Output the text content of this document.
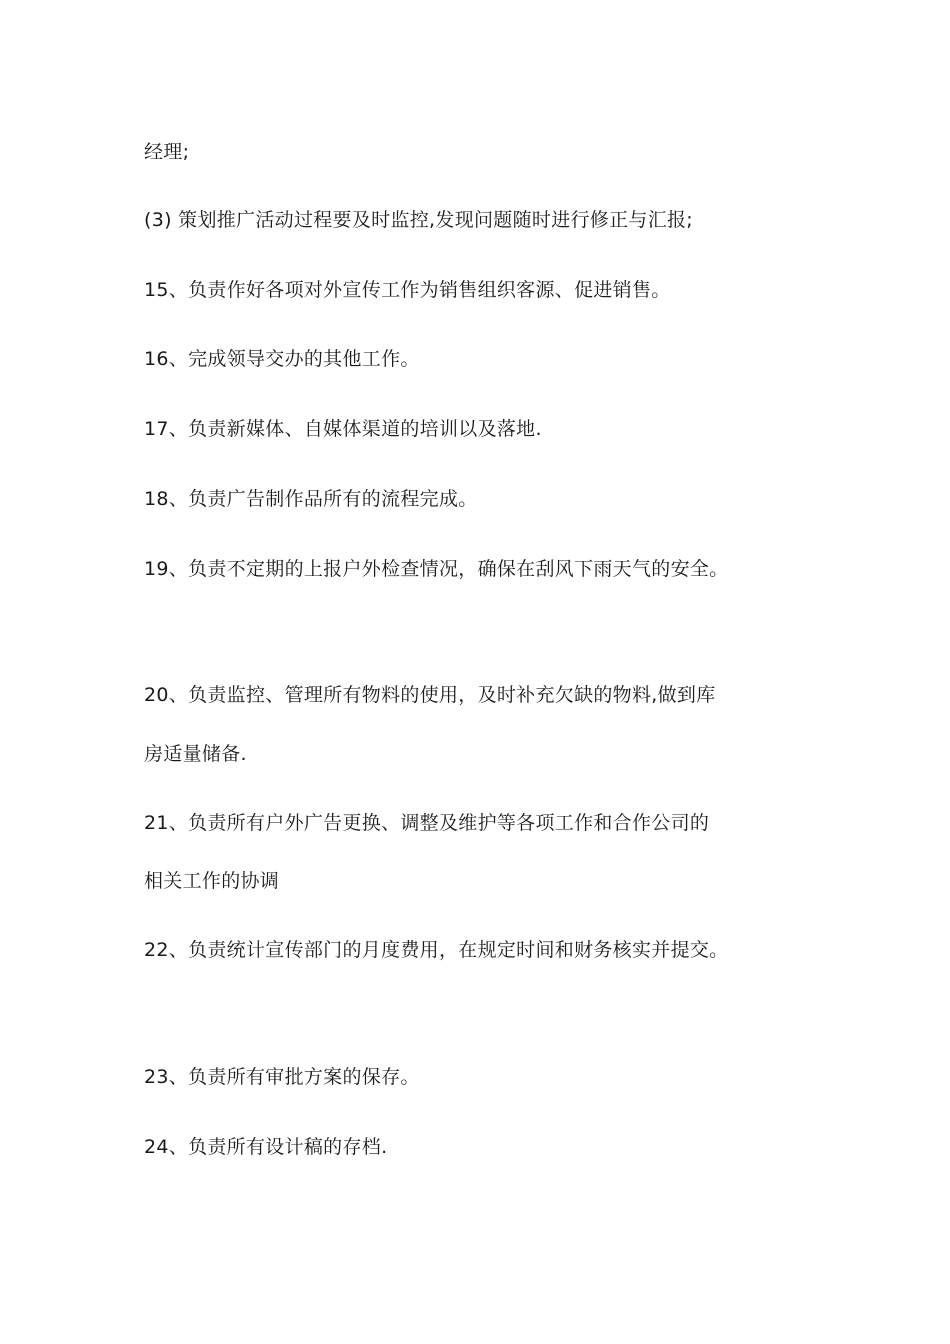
经理;
(3) 策划推广活动过程要及时监控,发现问题随时进行修正与汇报;
15、负责作好各项对外宣传工作为销售组织客源、促进销售。
16、完成领导交办的其他工作。
17、负责新媒体、自媒体渠道的培训以及落地.
18、负责广告制作品所有的流程完成。
19、负责不定期的上报户外检查情况，确保在刮风下雨天气的安全。
20、负责监控、管理所有物料的使用，及时补充欠缺的物料,做到库
房适量储备.
21、负责所有户外广告更换、调整及维护等各项工作和合作公司的
相关工作的协调
22、负责统计宣传部门的月度费用，在规定时间和财务核实并提交。
23、负责所有审批方案的保存。
24、负责所有设计稿的存档.
